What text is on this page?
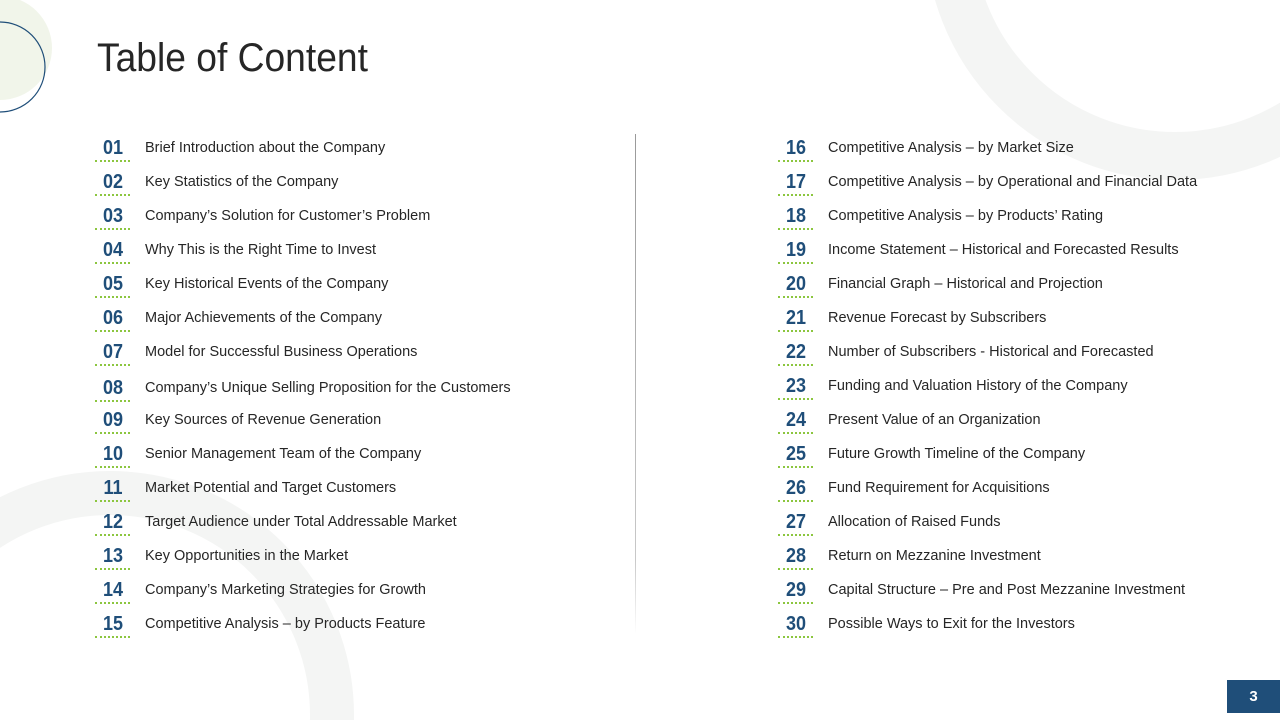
Table of Content
01	Brief Introduction about the Company
02	Key Statistics of the Company
03	Company’s Solution for Customer’s Problem
04	Why This is the Right Time to Invest
05	Key Historical Events of the Company
06	Major Achievements of the Company
07	Model for Successful Business Operations
08	Company’s Unique Selling Proposition for the Customers
09	Key Sources of Revenue Generation
10	Senior Management Team of the Company
11	Market Potential and Target Customers
12	Target Audience under Total Addressable Market
13	Key Opportunities in the Market
14	Company’s Marketing Strategies for Growth
15	Competitive Analysis – by Products Feature
16	Competitive Analysis – by Market Size
17	Competitive Analysis – by Operational and Financial Data
18	Competitive Analysis – by Products’ Rating
19	Income Statement – Historical and Forecasted Results
20	Financial Graph – Historical and Projection
21	Revenue Forecast by Subscribers
22	Number of Subscribers - Historical and Forecasted
23	Funding and Valuation History of the Company
24	Present Value of an Organization
25	Future Growth Timeline of the Company
26	Fund Requirement for Acquisitions
27	Allocation of Raised Funds
28	Return on Mezzanine Investment
29	Capital Structure – Pre and Post Mezzanine Investment
30	Possible Ways to Exit for the Investors
3
